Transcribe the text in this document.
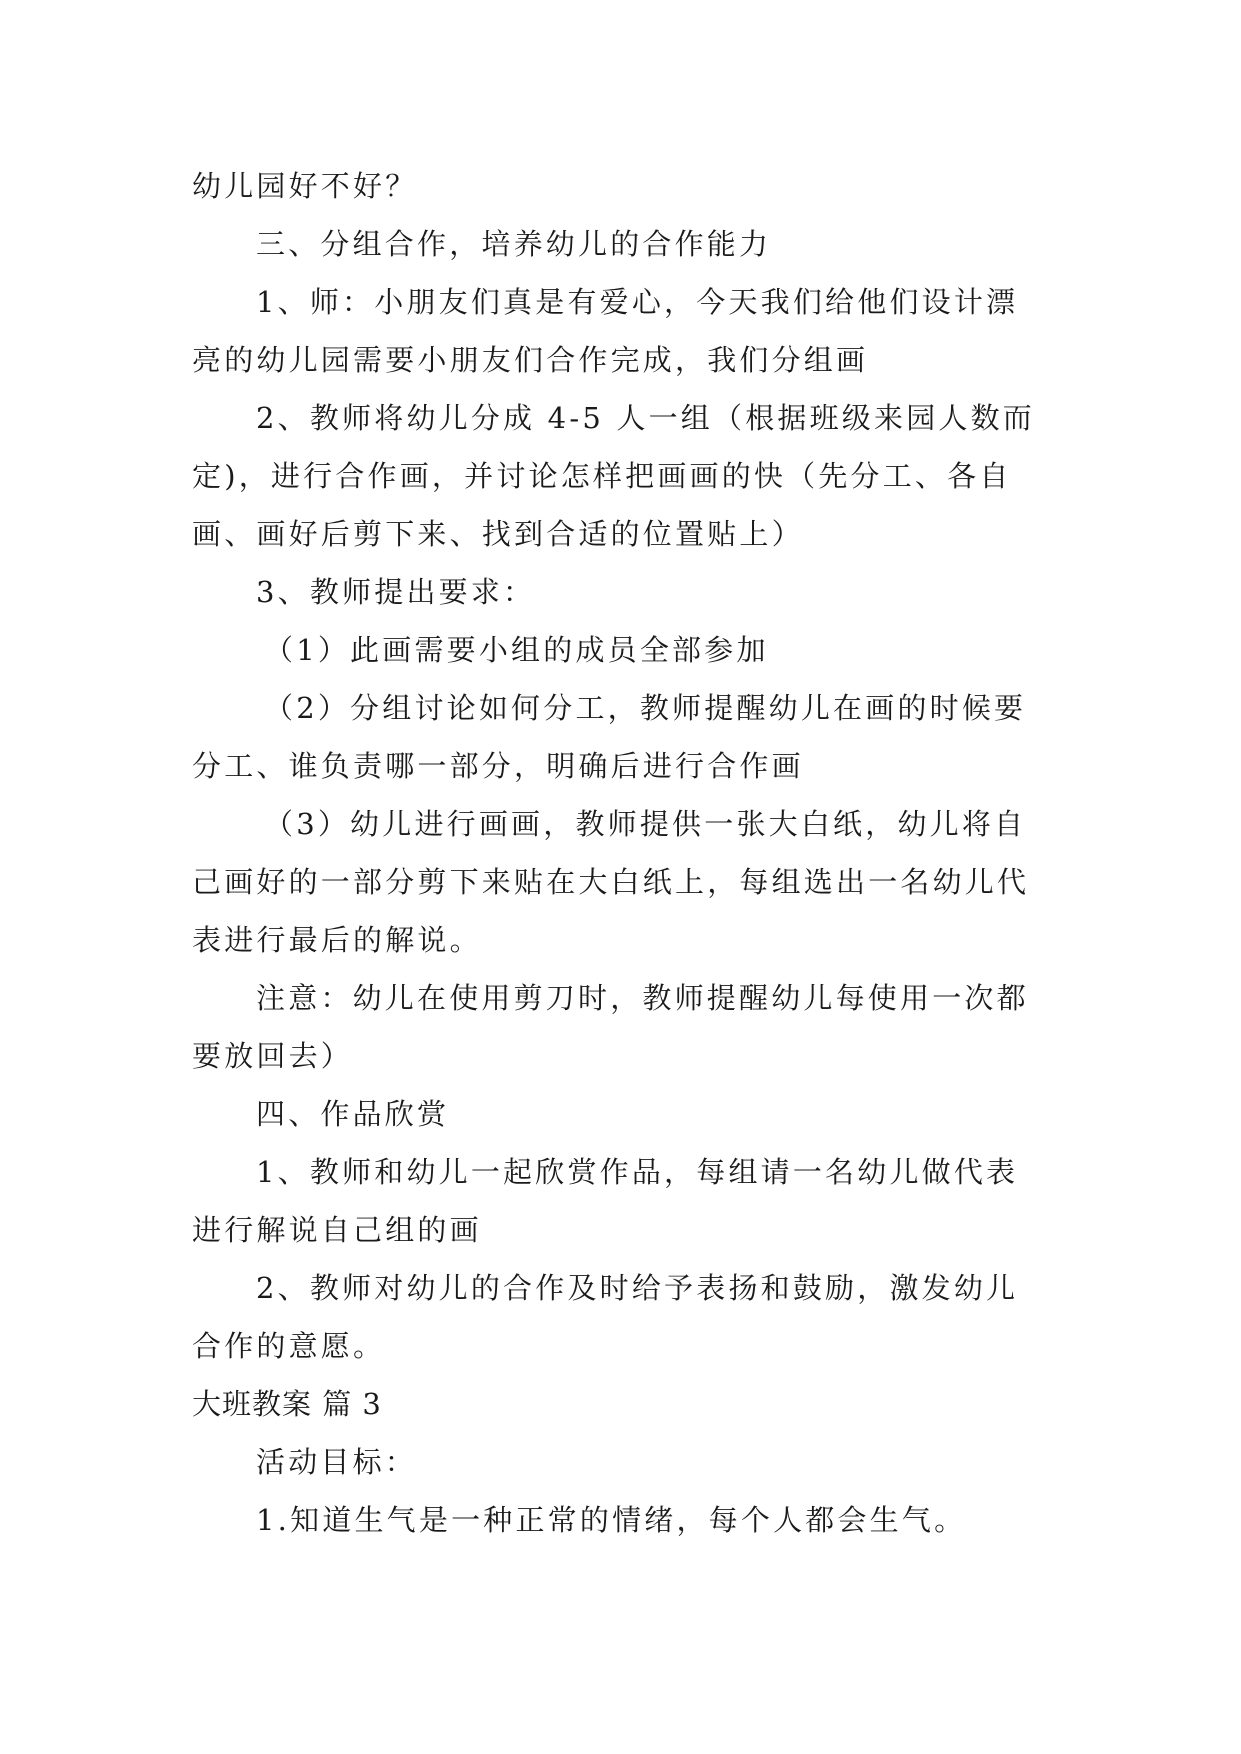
幼儿园好不好？
三、分组合作，培养幼儿的合作能力
1、师：小朋友们真是有爱心，今天我们给他们设计漂
亮的幼儿园需要小朋友们合作完成，我们分组画
2、教师将幼儿分成 4-5 人一组（根据班级来园人数而
定)，进行合作画，并讨论怎样把画画的快（先分工、各自
画、画好后剪下来、找到合适的位置贴上）
3、教师提出要求：
（1）此画需要小组的成员全部参加
（2）分组讨论如何分工，教师提醒幼儿在画的时候要
分工、谁负责哪一部分，明确后进行合作画
（3）幼儿进行画画，教师提供一张大白纸，幼儿将自
己画好的一部分剪下来贴在大白纸上，每组选出一名幼儿代
表进行最后的解说。
注意：幼儿在使用剪刀时，教师提醒幼儿每使用一次都
要放回去）
四、作品欣赏
1、教师和幼儿一起欣赏作品，每组请一名幼儿做代表
进行解说自己组的画
2、教师对幼儿的合作及时给予表扬和鼓励，激发幼儿
合作的意愿。
大班教案 篇 3
活动目标：
1.知道生气是一种正常的情绪，每个人都会生气。
